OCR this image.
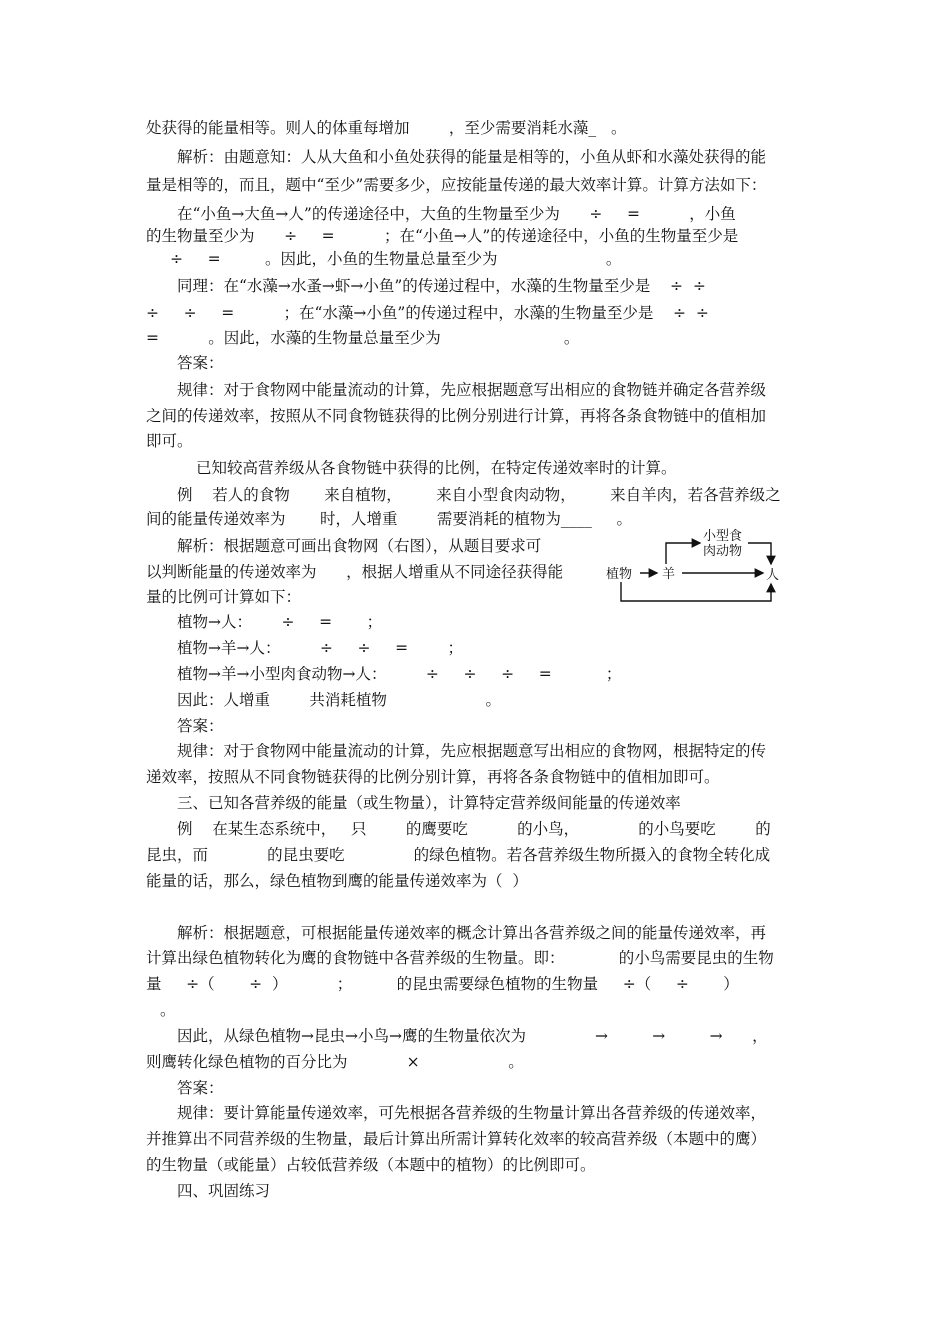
处获得的能量相等。则人的体重每增加        ，至少需要消耗水藻_   。
解析：由题意知：人从大鱼和小鱼处获得的能量是相等的，小鱼从虾和水藻处获得的能
量是相等的，而且，题中“至少”需要多少，应按能量传递的最大效率计算。计算方法如下：
在“小鱼→大鱼→人”的传递途径中，大鱼的生物量至少为      ÷     =          ，小鱼
的生物量至少为      ÷     =          ；在“小鱼→人”的传递途径中，小鱼的生物量至少是
÷     =         。因此，小鱼的生物量总量至少为                      。
同理：在“水藻→水蚤→虾→小鱼”的传递过程中，水藻的生物量至少是    ÷  ÷
÷     ÷     =          ；在“水藻→小鱼”的传递过程中，水藻的生物量至少是    ÷  ÷
=          。因此，水藻的生物量总量至少为                         。
答案：
规律：对于食物网中能量流动的计算，先应根据题意写出相应的食物链并确定各营养级
之间的传递效率，按照从不同食物链获得的比例分别进行计算，再将各条食物链中的值相加
即可。
已知较高营养级从各食物链中获得的比例，在特定传递效率时的计算。
例    若人的食物       来自植物，       来自小型食肉动物，       来自羊肉，若各营养级之
间的能量传递效率为       时，人增重        需要消耗的植物为____     。
解析：根据题意可画出食物网（右图），从题目要求可
以判断能量的传递效率为      ，根据人增重从不同途径获得能
量的比例可计算如下：
植物→人：      ÷     =       ；
植物→羊→人：        ÷     ÷     =        ；
植物→羊→小型肉食动物→人：        ÷     ÷     ÷     =           ；
因此：人增重        共消耗植物                    。
答案：
规律：对于食物网中能量流动的计算，先应根据题意写出相应的食物网，根据特定的传
递效率，按照从不同食物链获得的比例分别计算，再将各条食物链中的值相加即可。
三、已知各营养级的能量（或生物量），计算特定营养级间能量的传递效率
例    在某生态系统中，   只        的鹰要吃          的小鸟，            的小鸟要吃        的
昆虫，而            的昆虫要吃              的绿色植物。若各营养级生物所摄入的食物全转化成
能量的话，那么，绿色植物到鹰的能量传递效率为（  ）
解析：根据题意，可根据能量传递效率的概念计算出各营养级之间的能量传递效率，再
计算出绿色植物转化为鹰的食物链中各营养级的生物量。即：           的小鸟需要昆虫的生物
量     ÷（       ÷  ）          ；         的昆虫需要绿色植物的生物量     ÷（     ÷       ）
。
因此，从绿色植物→昆虫→小鸟→鹰的生物量依次为              →         →         →      ，
则鹰转化绿色植物的百分比为            ×                  。
答案：
规律：要计算能量传递效率，可先根据各营养级的生物量计算出各营养级的传递效率，
并推算出不同营养级的生物量，最后计算出所需计算转化效率的较高营养级（本题中的鹰）
的生物量（或能量）占较低营养级（本题中的植物）的比例即可。
四、巩固练习
植物 羊
小型食
肉动物
人
